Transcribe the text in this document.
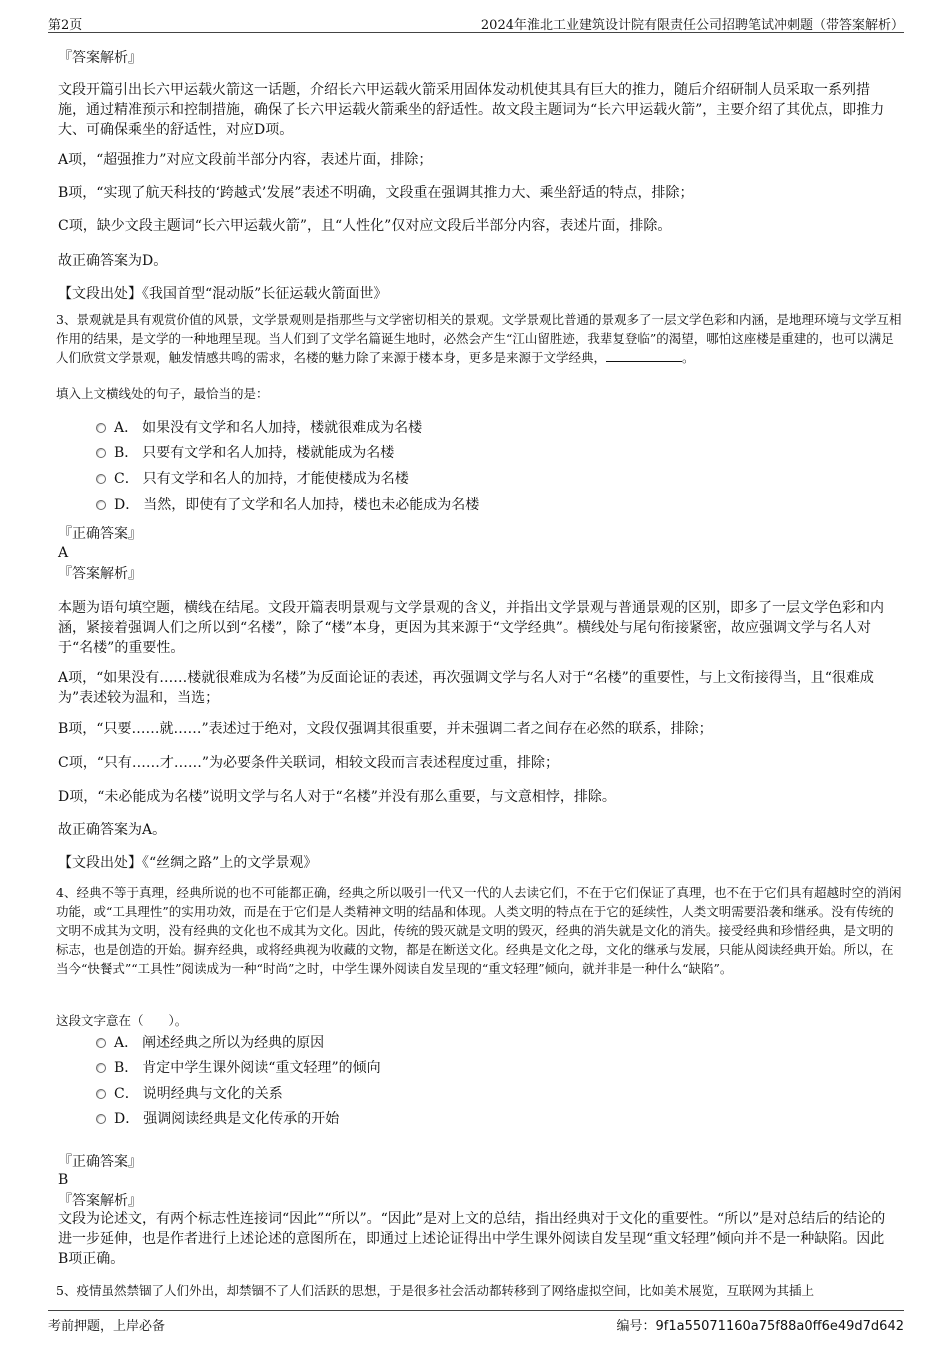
第2页	2024年淮北工业建筑设计院有限责任公司招聘笔试冲刺题（带答案解析）

『答案解析』

文段开篇引出长六甲运载火箭这一话题，介绍长六甲运载火箭采用固体发动机使其具有巨大的推力，随后介绍研制人员采取一系列措施，通过精准预示和控制措施，确保了长六甲运载火箭乘坐的舒适性。故文段主题词为“长六甲运载火箭”，主要介绍了其优点，即推力大、可确保乘坐的舒适性，对应D项。

A项，“超强推力”对应文段前半部分内容，表述片面，排除；

B项，“实现了航天科技的‘跨越式’发展”表述不明确，文段重在强调其推力大、乘坐舒适的特点，排除；

C项，缺少文段主题词“长六甲运载火箭”，且“人性化”仅对应文段后半部分内容，表述片面，排除。

故正确答案为D。

【文段出处】《我国首型“混动版”长征运载火箭面世》

3、景观就是具有观赏价值的风景，文学景观则是指那些与文学密切相关的景观。文学景观比普通的景观多了一层文学色彩和内涵，是地理环境与文学互相作用的结果，是文学的一种地理呈现。当人们到了文学名篇诞生地时，必然会产生“江山留胜迹，我辈复登临”的渴望，哪怕这座楼是重建的，也可以满足人们欣赏文学景观，触发情感共鸣的需求，名楼的魅力除了来源于楼本身，更多是来源于文学经典，	。

填入上文横线处的句子，最恰当的是：

A． 如果没有文学和名人加持，楼就很难成为名楼
B． 只要有文学和名人加持，楼就能成为名楼
C． 只有文学和名人的加持，才能使楼成为名楼
D． 当然，即使有了文学和名人加持，楼也未必能成为名楼

『正确答案』

A

『答案解析』

本题为语句填空题，横线在结尾。文段开篇表明景观与文学景观的含义，并指出文学景观与普通景观的区别，即多了一层文学色彩和内涵，紧接着强调人们之所以到“名楼”，除了“楼”本身，更因为其来源于“文学经典”。横线处与尾句衔接紧密，故应强调文学与名人对于“名楼”的重要性。

A项，“如果没有……楼就很难成为名楼”为反面论证的表述，再次强调文学与名人对于“名楼”的重要性，与上文衔接得当，且“很难成为”表述较为温和，当选；

B项，“只要……就……”表述过于绝对，文段仅强调其很重要，并未强调二者之间存在必然的联系，排除；

C项，“只有……才……”为必要条件关联词，相较文段而言表述程度过重，排除；

D项，“未必能成为名楼”说明文学与名人对于“名楼”并没有那么重要，与文意相悖，排除。

故正确答案为A。

【文段出处】《“丝绸之路”上的文学景观》

4、经典不等于真理，经典所说的也不可能都正确，经典之所以吸引一代又一代的人去读它们，不在于它们保证了真理，也不在于它们具有超越时空的消闲功能，或“工具理性”的实用功效，而是在于它们是人类精神文明的结晶和体现。人类文明的特点在于它的延续性，人类文明需要沿袭和继承。没有传统的文明不成其为文明，没有经典的文化也不成其为文化。因此，传统的毁灭就是文明的毁灭，经典的消失就是文化的消失。接受经典和珍惜经典，是文明的标志，也是创造的开始。摒弃经典，或将经典视为收藏的文物，都是在断送文化。经典是文化之母，文化的继承与发展，只能从阅读经典开始。所以，在当今“快餐式”“工具性”阅读成为一种“时尚”之时，中学生课外阅读自发呈现的“重文轻理”倾向，就并非是一种什么“缺陷”。

这段文字意在（　　）。

A． 阐述经典之所以为经典的原因
B． 肯定中学生课外阅读“重文轻理”的倾向
C． 说明经典与文化的关系
D． 强调阅读经典是文化传承的开始

『正确答案』

B

『答案解析』

文段为论述文，有两个标志性连接词“因此”“所以”。“因此”是对上文的总结，指出经典对于文化的重要性。“所以”是对总结后的结论的进一步延伸，也是作者进行上述论述的意图所在，即通过上述论证得出中学生课外阅读自发呈现“重文轻理”倾向并不是一种缺陷。因此B项正确。

5、疫情虽然禁锢了人们外出，却禁锢不了人们活跃的思想，于是很多社会活动都转移到了网络虚拟空间，比如美术展览，互联网为其插上

考前押题，上岸必备	编号：9f1a55071160a75f88a0ff6e49d7d642
